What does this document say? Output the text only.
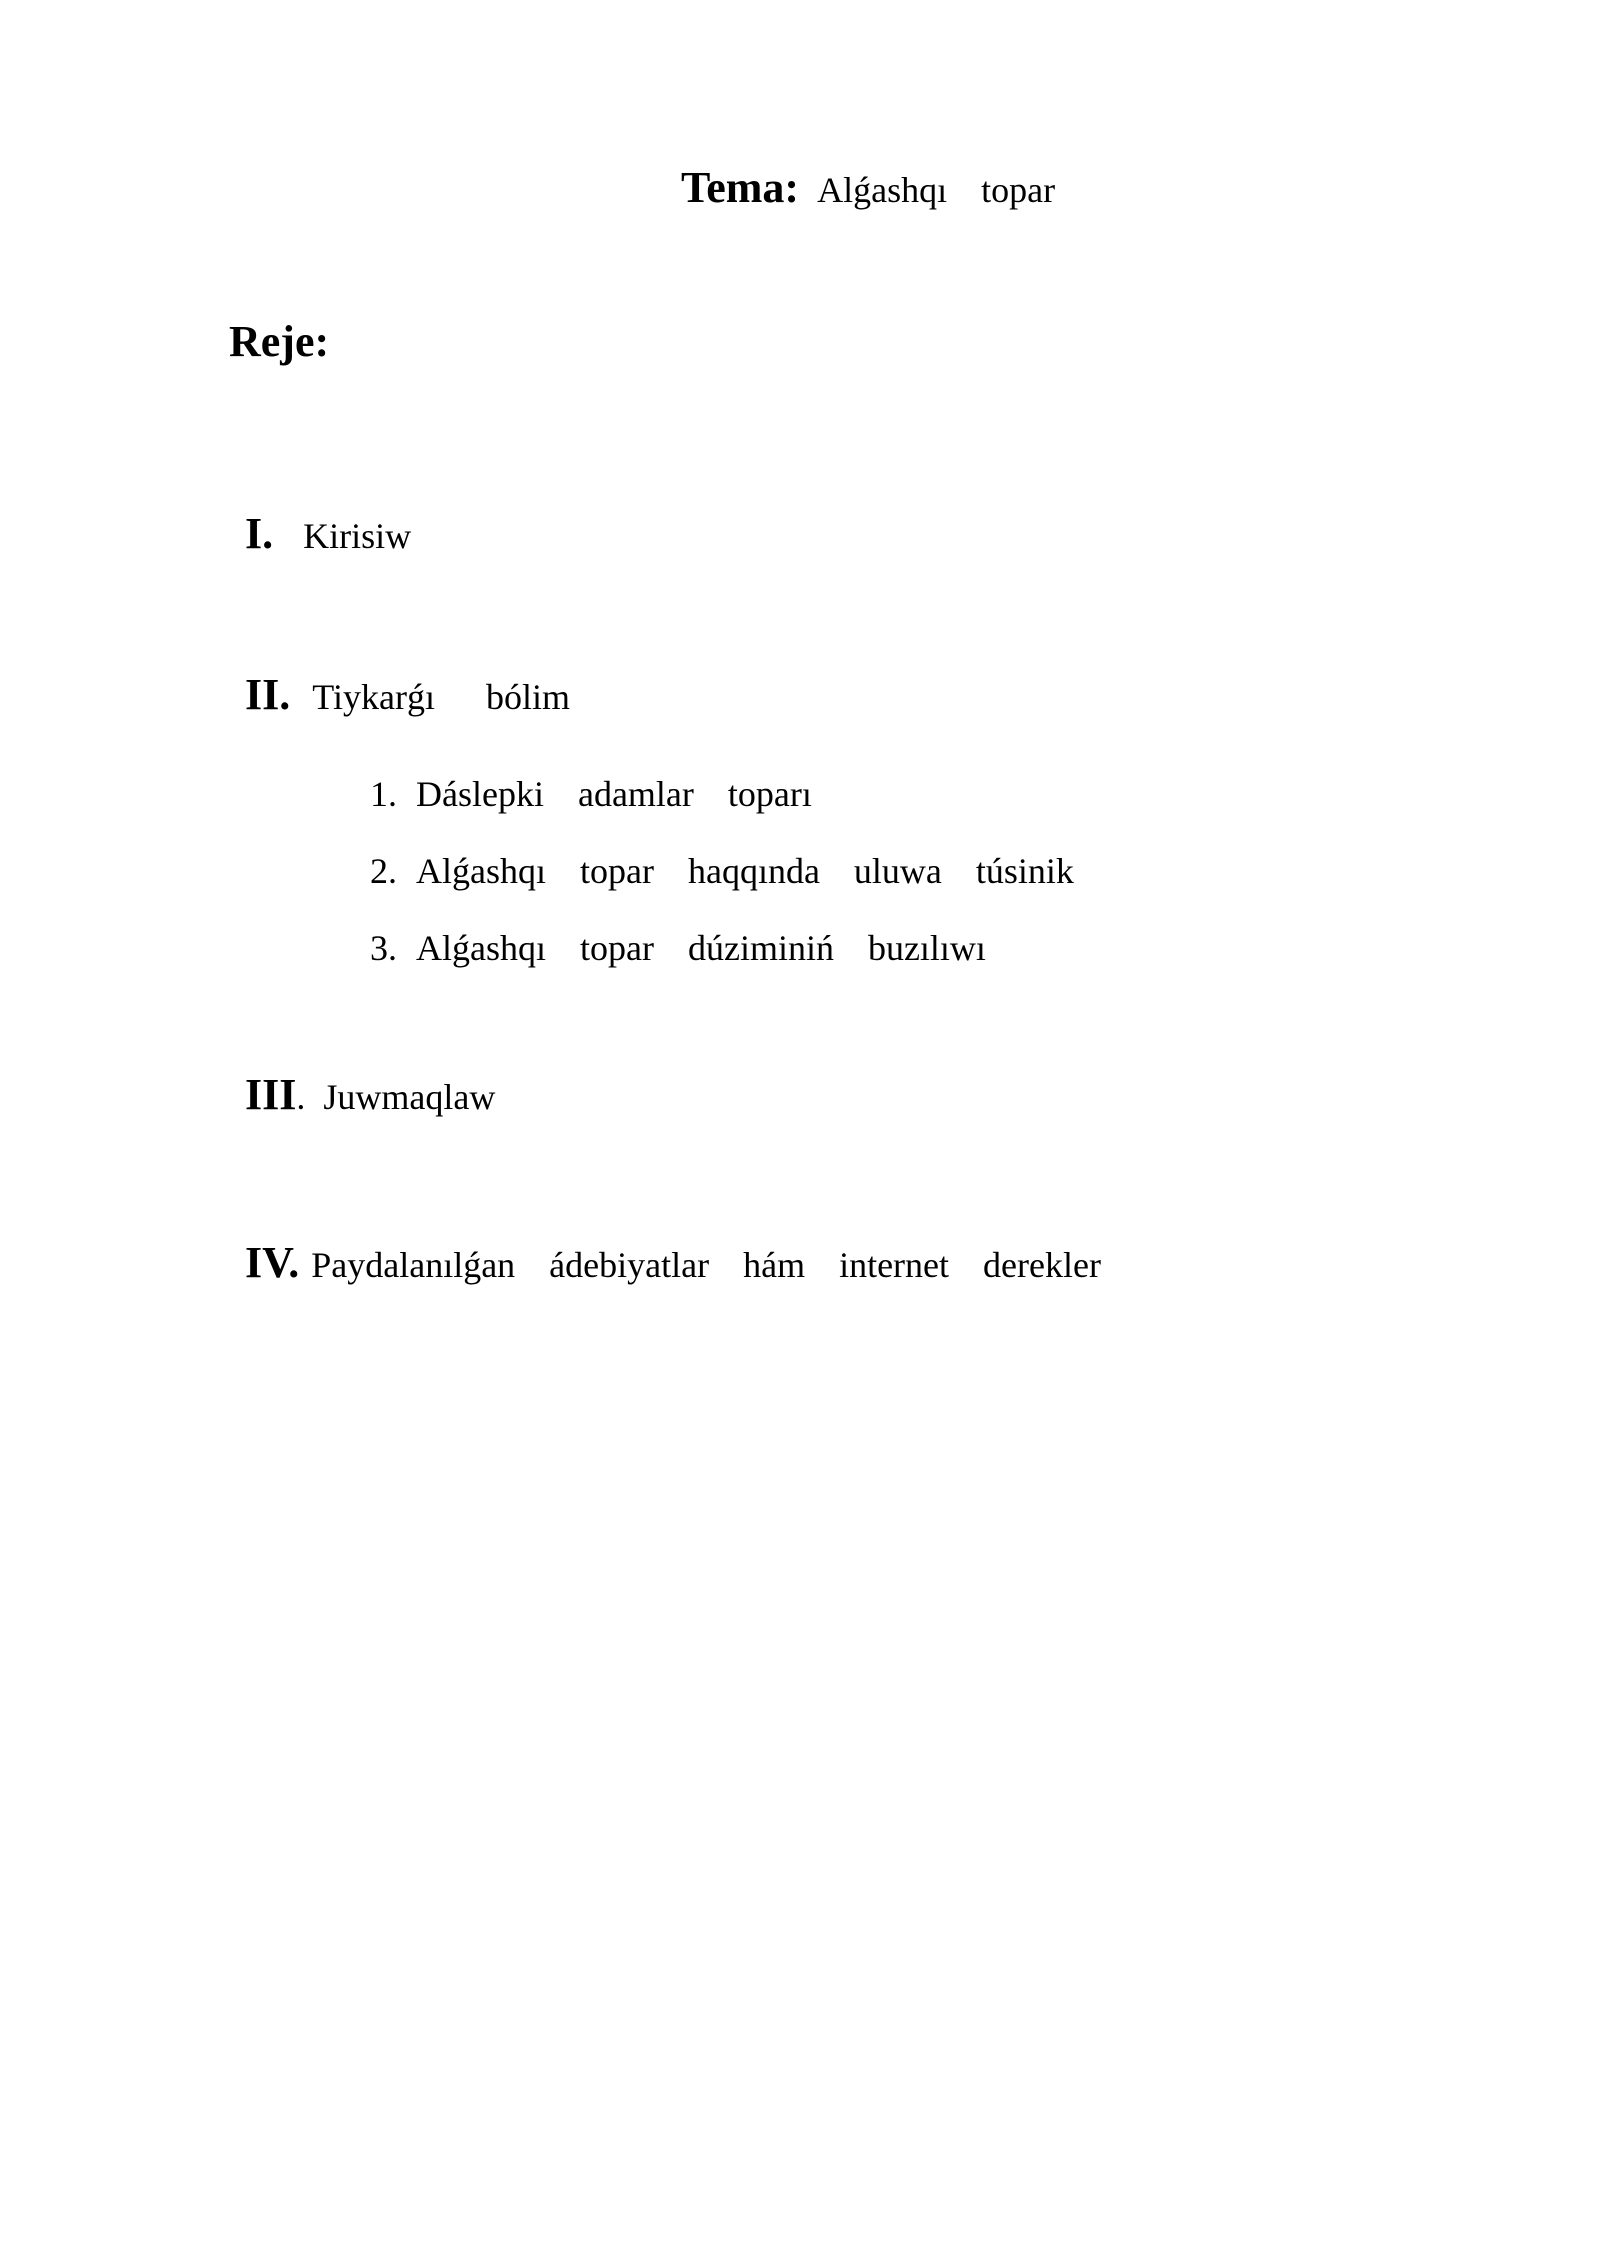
Tema: Alǵashqı  topar

Reje:

I. Kirisiw

II. Tiykarǵı   bólim

1. Dáslepki  adamlar  toparı

2. Alǵashqı  topar  haqqında  uluwa  túsinik

3. Alǵashqı  topar  dúziminiń  buzılıwı

III. Juwmaqlaw

IV. Paydalanılǵan  ádebiyatlar  hám  internet  derekler
